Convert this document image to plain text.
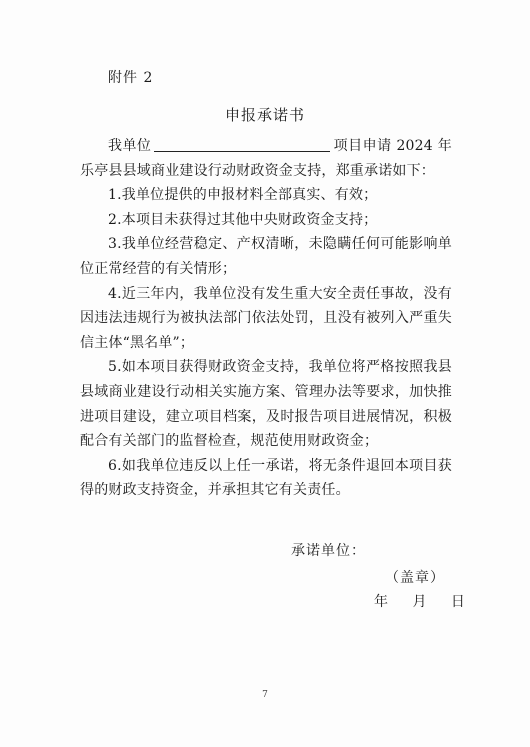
附件 2
申报承诺书

我单位	项目申请 2024 年乐亭县县域商业建设行动财政资金支持，郑重承诺如下：

1.我单位提供的申报材料全部真实、有效；

2.本项目未获得过其他中央财政资金支持；

3.我单位经营稳定、产权清晰，未隐瞒任何可能影响单位正常经营的有关情形；

4.近三年内，我单位没有发生重大安全责任事故，没有因违法违规行为被执法部门依法处罚，且没有被列入严重失信主体“黑名单”；

5.如本项目获得财政资金支持，我单位将严格按照我县县域商业建设行动相关实施方案、管理办法等要求，加快推进项目建设，建立项目档案，及时报告项目进展情况，积极配合有关部门的监督检查，规范使用财政资金；

6.如我单位违反以上任一承诺，将无条件退回本项目获得的财政支持资金，并承担其它有关责任。

承诺单位：
（盖章）
年 月 日
7
